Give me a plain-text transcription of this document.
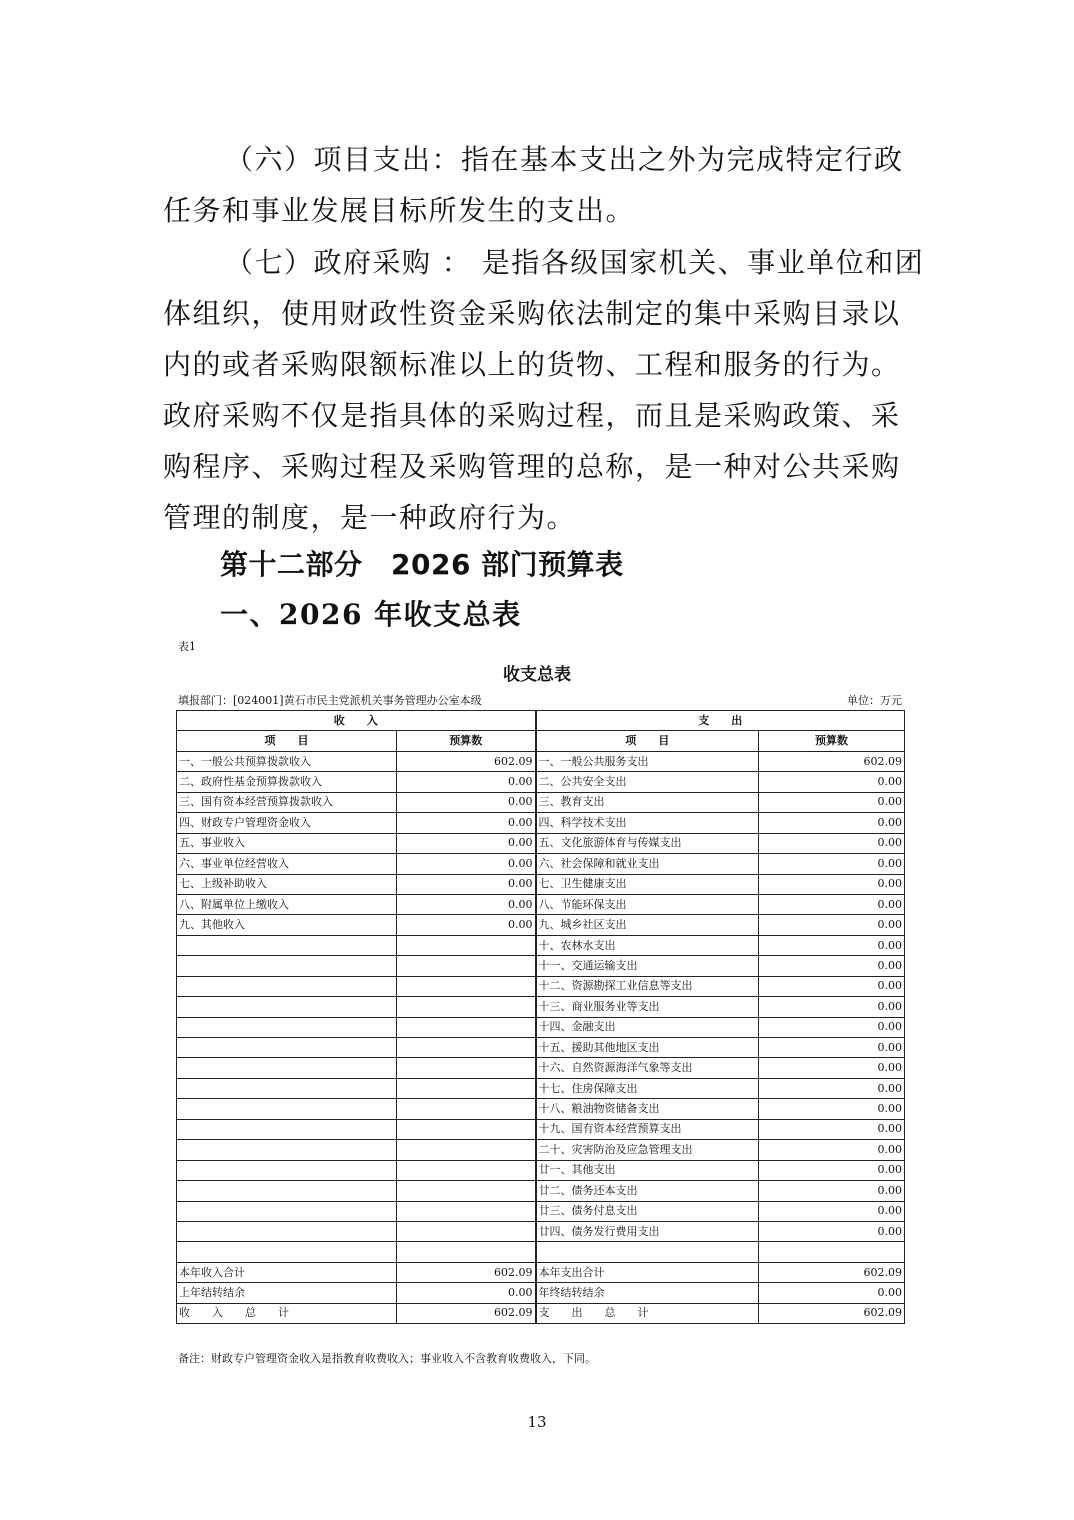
（六）项目支出：指在基本支出之外为完成特定行政任务和事业发展目标所发生的支出。

（七）政府采购 ： 是指各级国家机关、事业单位和团体组织，使用财政性资金采购依法制定的集中采购目录以内的或者采购限额标准以上的货物、工程和服务的行为。政府采购不仅是指具体的采购过程，而且是采购政策、采购程序、采购过程及采购管理的总称，是一种对公共采购管理的制度，是一种政府行为。

第十二部分　2026 部门预算表
一、2026 年收支总表
表1
收支总表
填报部门：[024001]黄石市民主党派机关事务管理办公室本级	单位：万元
收　　入		支　　出	
项　　目	预算数	项　　目	预算数
一、一般公共预算拨款收入	602.09	一、一般公共服务支出	602.09
二、政府性基金预算拨款收入	0.00	二、公共安全支出	0.00
三、国有资本经营预算拨款收入	0.00	三、教育支出	0.00
四、财政专户管理资金收入	0.00	四、科学技术支出	0.00
五、事业收入	0.00	五、文化旅游体育与传媒支出	0.00
六、事业单位经营收入	0.00	六、社会保障和就业支出	0.00
七、上级补助收入	0.00	七、卫生健康支出	0.00
八、附属单位上缴收入	0.00	八、节能环保支出	0.00
九、其他收入	0.00	九、城乡社区支出	0.00
		十、农林水支出	0.00
		十一、交通运输支出	0.00
		十二、资源勘探工业信息等支出	0.00
		十三、商业服务业等支出	0.00
		十四、金融支出	0.00
		十五、援助其他地区支出	0.00
		十六、自然资源海洋气象等支出	0.00
		十七、住房保障支出	0.00
		十八、粮油物资储备支出	0.00
		十九、国有资本经营预算支出	0.00
		二十、灾害防治及应急管理支出	0.00
		廿一、其他支出	0.00
		廿二、债务还本支出	0.00
		廿三、债务付息支出	0.00
		廿四、债务发行费用支出	0.00

本年收入合计	602.09	本年支出合计	602.09
上年结转结余	0.00	年终结转结余	0.00
收　　入　　总　　计	602.09	支　　出　　总　　计	602.09
备注：财政专户管理资金收入是指教育收费收入；事业收入不含教育收费收入，下同。
13
